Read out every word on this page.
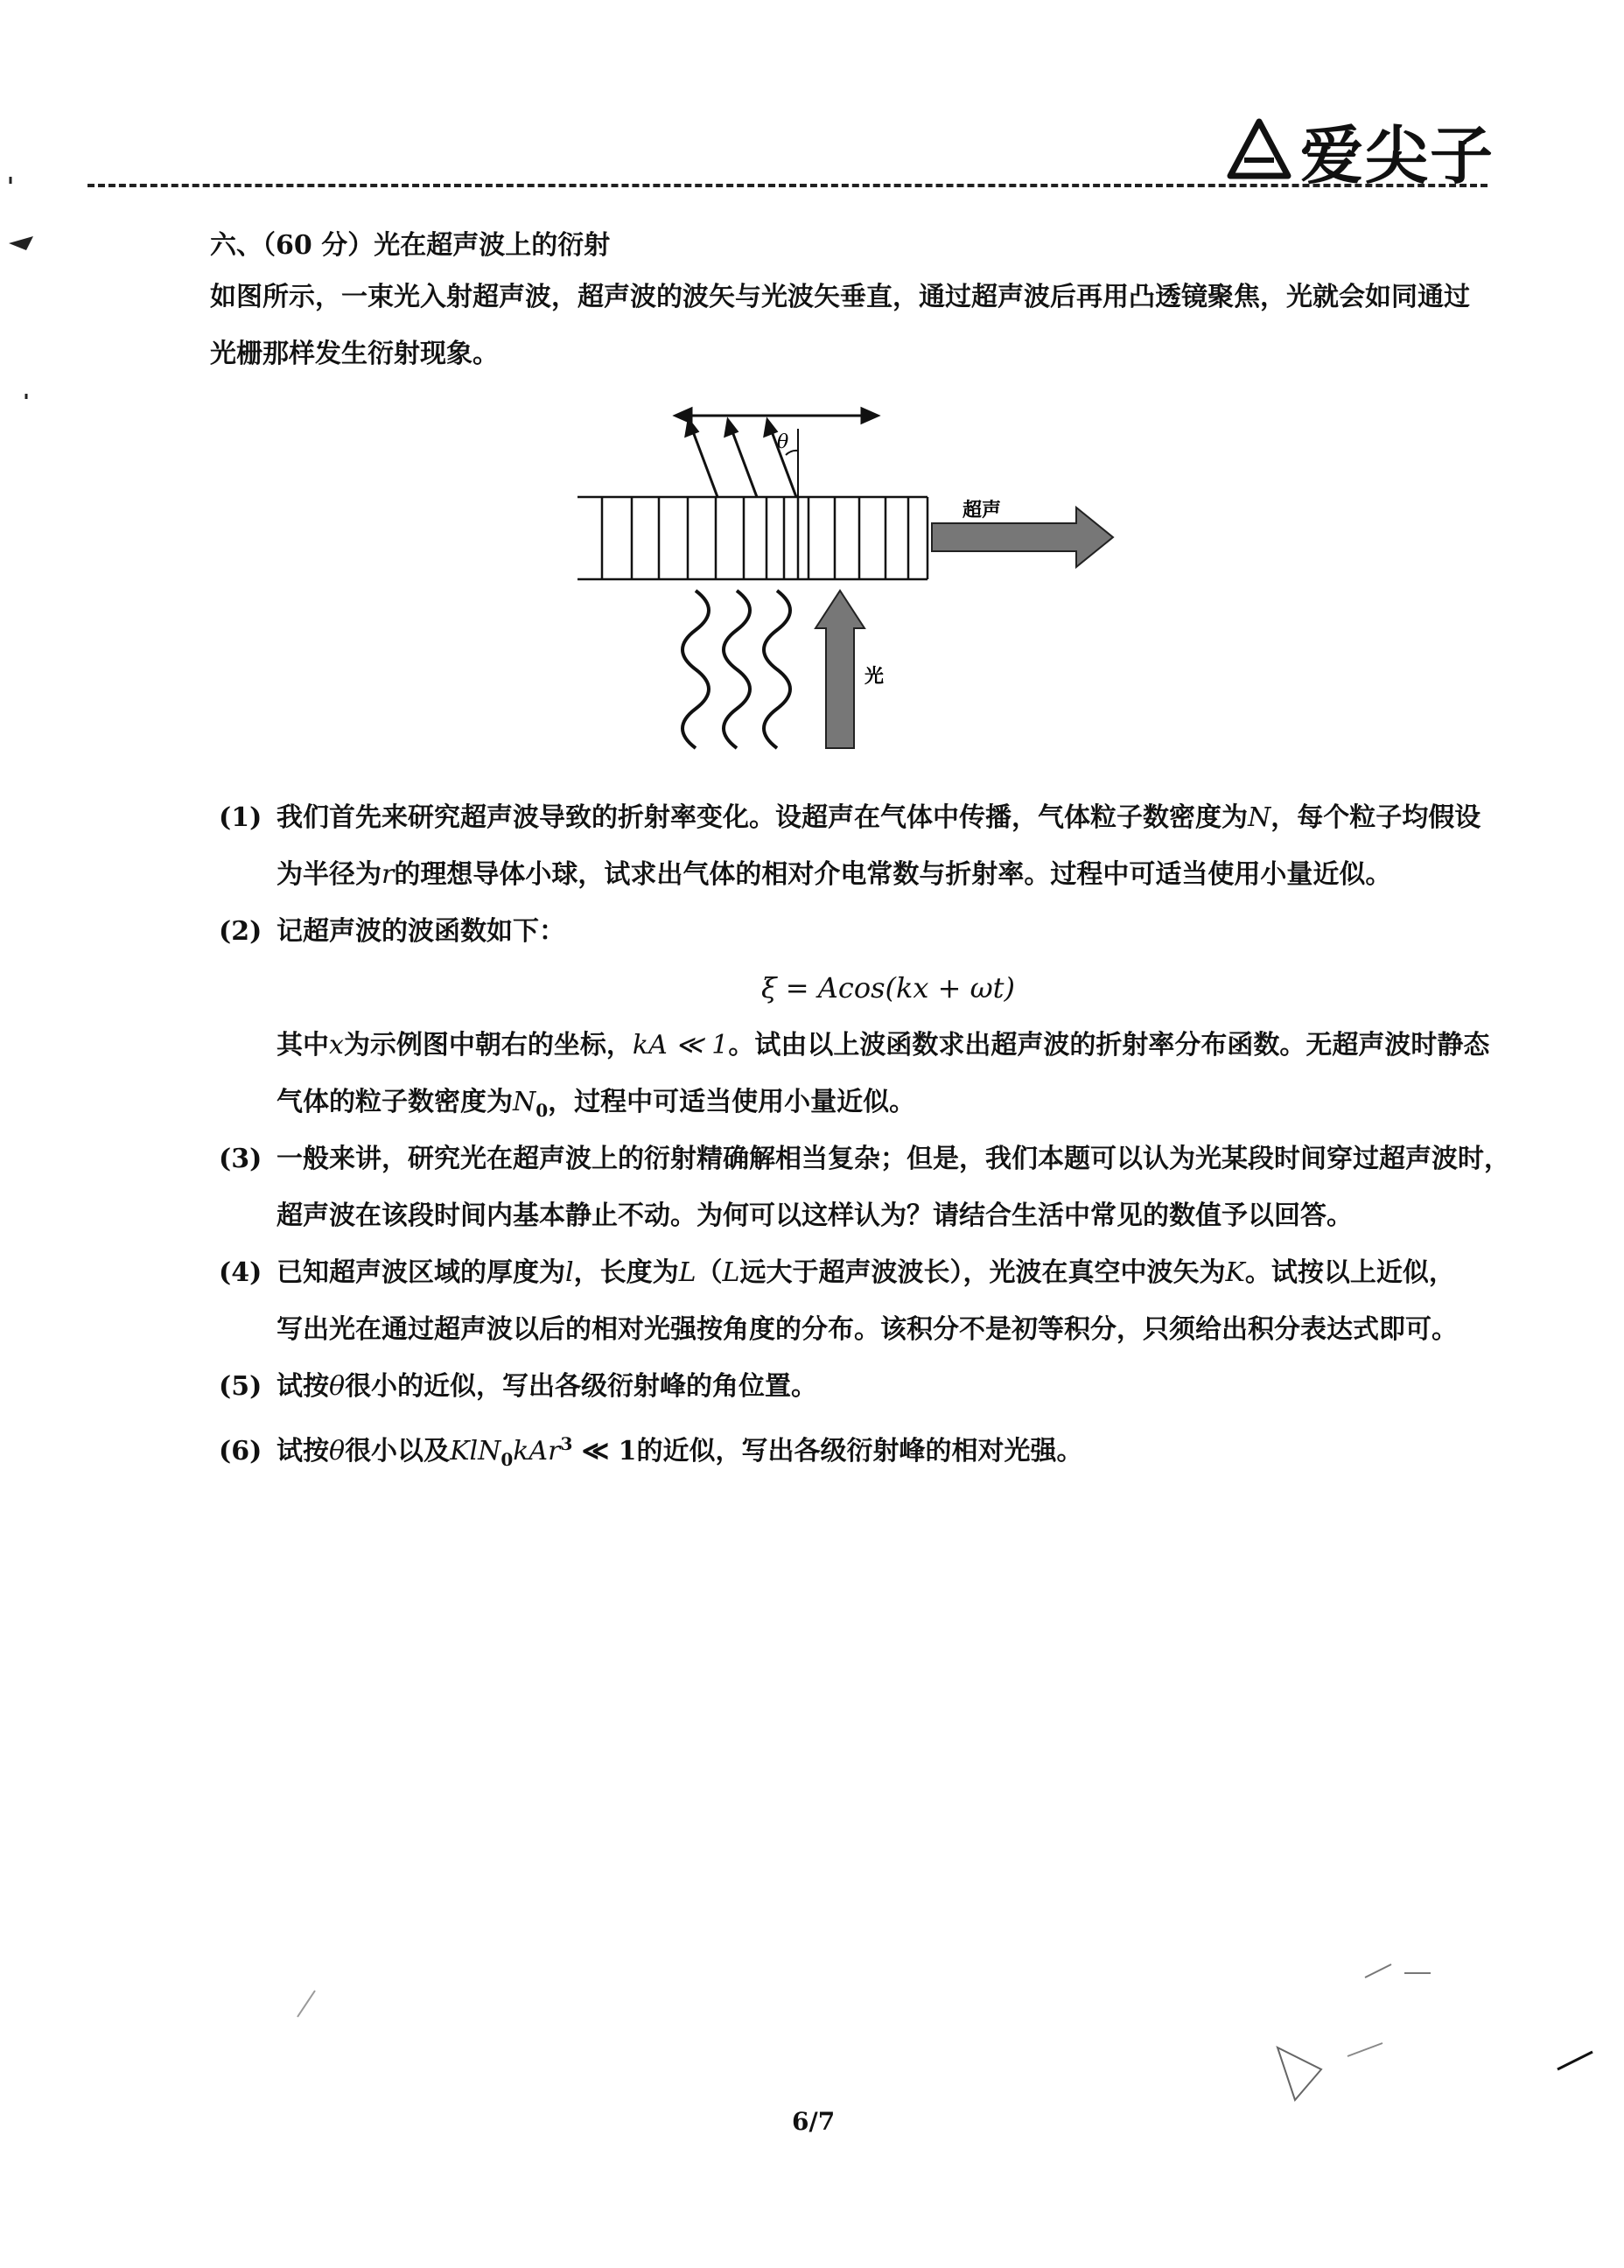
爱尖子
六、（60 分）光在超声波上的衍射
如图所示，一束光入射超声波，超声波的波矢与光波矢垂直，通过超声波后再用凸透镜聚焦，光就会如同通过
光栅那样发生衍射现象。
θ
超声
光
(1) 我们首先来研究超声波导致的折射率变化。设超声在气体中传播，气体粒子数密度为N，每个粒子均假设
为半径为r的理想导体小球，试求出气体的相对介电常数与折射率。过程中可适当使用小量近似。
(2) 记超声波的波函数如下：
ξ = Acos(kx + ωt)
其中x为示例图中朝右的坐标，kA ≪ 1。试由以上波函数求出超声波的折射率分布函数。无超声波时静态
气体的粒子数密度为$N_0$，过程中可适当使用小量近似。
(3) 一般来讲，研究光在超声波上的衍射精确解相当复杂；但是，我们本题可以认为光某段时间穿过超声波时，
超声波在该段时间内基本静止不动。为何可以这样认为？请结合生活中常见的数值予以回答。
(4) 已知超声波区域的厚度为l，长度为L（L远大于超声波波长），光波在真空中波矢为K。试按以上近似，
写出光在通过超声波以后的相对光强按角度的分布。该积分不是初等积分，只须给出积分表达式即可。
(5) 试按θ很小的近似，写出各级衍射峰的角位置。
(6) 试按θ很小以及KlN$_0$kAr$^3$ ≪ 1的近似，写出各级衍射峰的相对光强。
6/7
